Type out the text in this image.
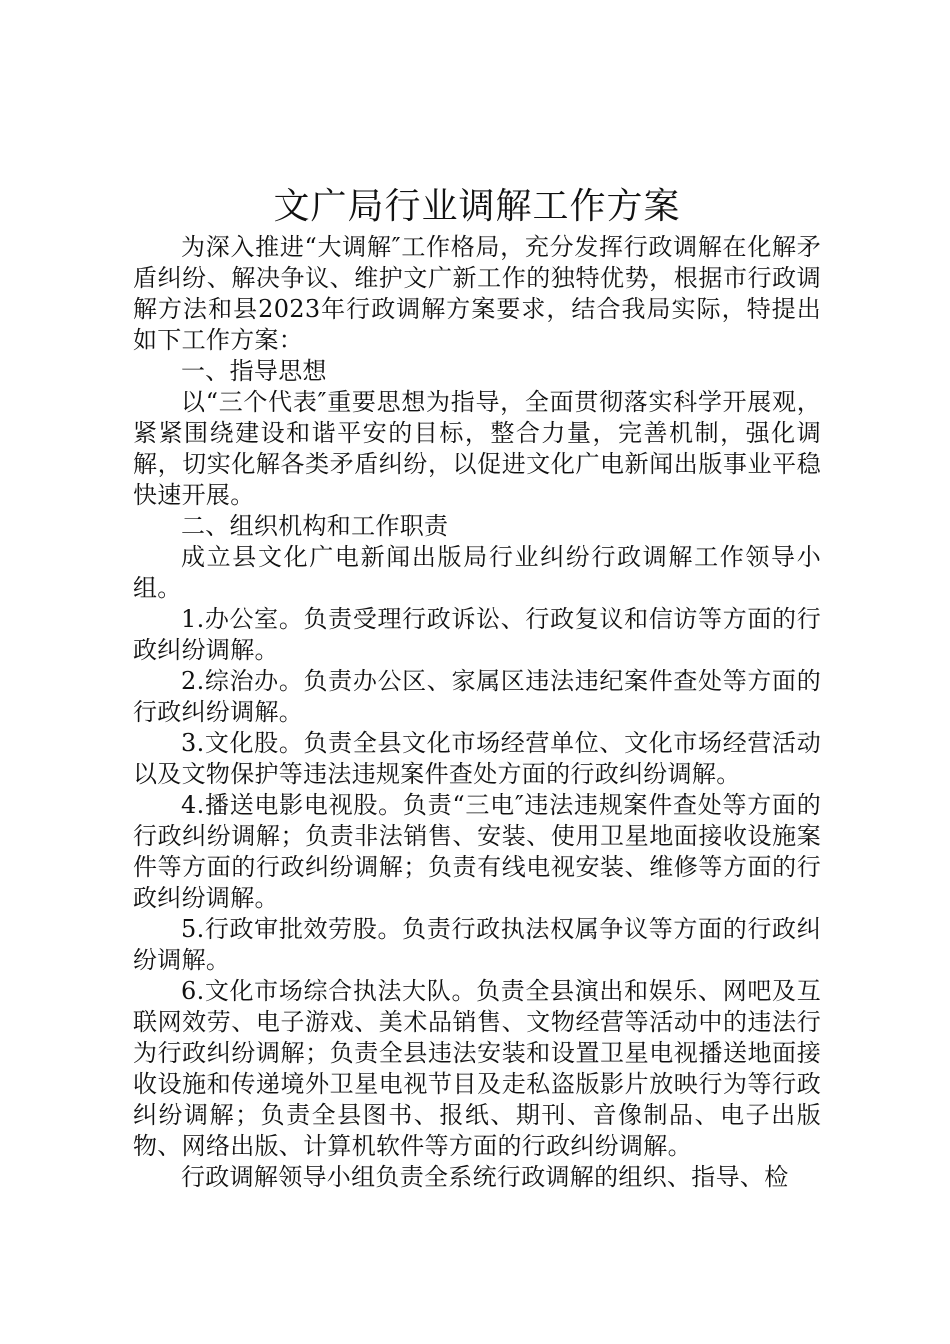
文广局行业调解工作方案

为深入推进“大调解″工作格局，充分发挥行政调解在化解矛盾纠纷、解决争议、维护文广新工作的独特优势，根据市行政调解方法和县2023年行政调解方案要求，结合我局实际，特提出如下工作方案：

一、指导思想

以“三个代表″重要思想为指导，全面贯彻落实科学开展观，紧紧围绕建设和谐平安的目标，整合力量，完善机制，强化调解，切实化解各类矛盾纠纷，以促进文化广电新闻出版事业平稳快速开展。

二、组织机构和工作职责

成立县文化广电新闻出版局行业纠纷行政调解工作领导小组。

1.办公室。负责受理行政诉讼、行政复议和信访等方面的行政纠纷调解。

2.综治办。负责办公区、家属区违法违纪案件查处等方面的行政纠纷调解。

3.文化股。负责全县文化市场经营单位、文化市场经营活动以及文物保护等违法违规案件查处方面的行政纠纷调解。

4.播送电影电视股。负责“三电″违法违规案件查处等方面的行政纠纷调解；负责非法销售、安装、使用卫星地面接收设施案件等方面的行政纠纷调解；负责有线电视安装、维修等方面的行政纠纷调解。

5.行政审批效劳股。负责行政执法权属争议等方面的行政纠纷调解。

6.文化市场综合执法大队。负责全县演出和娱乐、网吧及互联网效劳、电子游戏、美术品销售、文物经营等活动中的违法行为行政纠纷调解；负责全县违法安装和设置卫星电视播送地面接收设施和传递境外卫星电视节目及走私盗版影片放映行为等行政纠纷调解；负责全县图书、报纸、期刊、音像制品、电子出版物、网络出版、计算机软件等方面的行政纠纷调解。

行政调解领导小组负责全系统行政调解的组织、指导、检
